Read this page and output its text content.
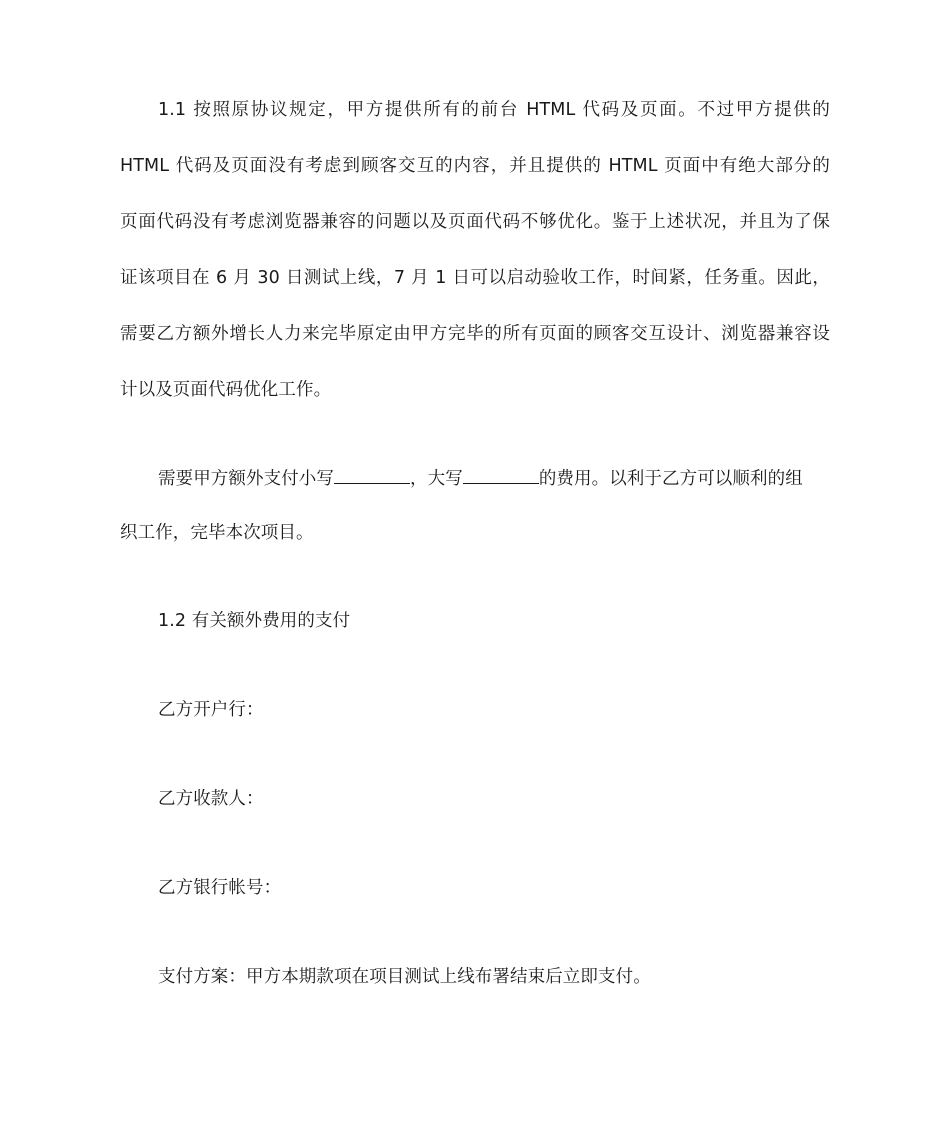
1.1 按照原协议规定，甲方提供所有的前台 HTML 代码及页面。不过甲方提供的
HTML 代码及页面没有考虑到顾客交互的内容，并且提供的 HTML 页面中有绝大部分的
页面代码没有考虑浏览器兼容的问题以及页面代码不够优化。鉴于上述状况，并且为了保
证该项目在 6 月 30 日测试上线，7 月 1 日可以启动验收工作，时间紧，任务重。因此，
需要乙方额外增长人力来完毕原定由甲方完毕的所有页面的顾客交互设计、浏览器兼容设
计以及页面代码优化工作。
需要甲方额外支付小写	，大写	的费用。以利于乙方可以顺利的组
织工作，完毕本次项目。
1.2 有关额外费用的支付
乙方开户行：
乙方收款人：
乙方银行帐号：
支付方案：甲方本期款项在项目测试上线布署结束后立即支付。
